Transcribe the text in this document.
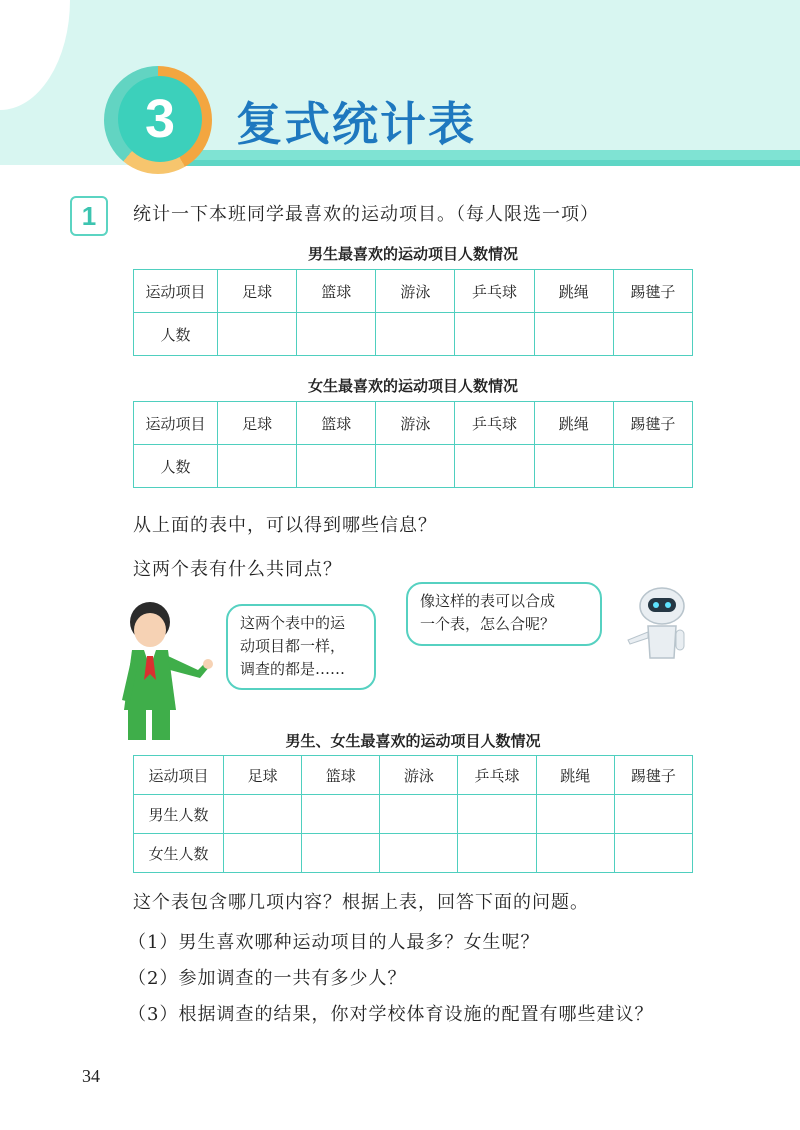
3	复式统计表
1	统计一下本班同学最喜欢的运动项目。（每人限选一项）
男生最喜欢的运动项目人数情况
运动项目	足球	篮球	游泳	乒乓球	跳绳	踢毽子
人数						
女生最喜欢的运动项目人数情况
运动项目	足球	篮球	游泳	乒乓球	跳绳	踢毽子
人数						
从上面的表中，可以得到哪些信息？
这两个表有什么共同点？
这两个表中的运
动项目都一样，
调查的都是……
像这样的表可以合成
一个表，怎么合呢？
男生、女生最喜欢的运动项目人数情况
运动项目	足球	篮球	游泳	乒乓球	跳绳	踢毽子
男生人数						
女生人数						
这个表包含哪几项内容？根据上表，回答下面的问题。
（1）男生喜欢哪种运动项目的人最多？女生呢？
（2）参加调查的一共有多少人？
（3）根据调查的结果，你对学校体育设施的配置有哪些建议？
34
